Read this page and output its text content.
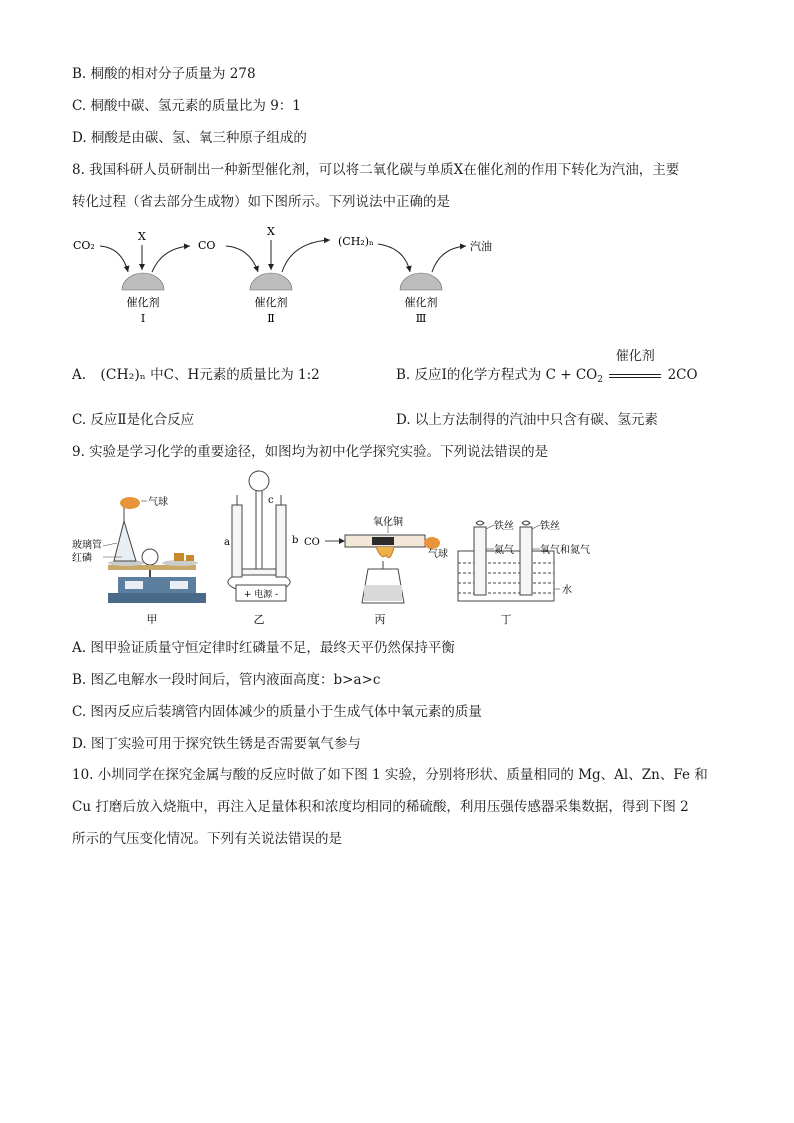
B. 桐酸的相对分子质量为 278
C. 桐酸中碳、氢元素的质量比为 9：1
D. 桐酸是由碳、氢、氧三种原子组成的
8. 我国科研人员研制出一种新型催化剂，可以将二氧化碳与单质X在催化剂的作用下转化为汽油，主要
转化过程（省去部分生成物）如下图所示。下列说法中正确的是
CO₂
X
催化剂
Ⅰ
CO
X
催化剂
Ⅱ
(CH₂)ₙ	汽油
催化剂
Ⅲ
A. (CH₂)ₙ 中C、H元素的质量比为 1:2	B. 反应Ⅰ的化学方程式为 $C + CO_2$
催化剂
2CO
C. 反应Ⅱ是化合反应	D. 以上方法制得的汽油中只含有碳、氢元素
9. 实验是学习化学的重要途径，如图均为初中化学探究实验。下列说法错误的是
气球
玻璃管
红磷
甲
a	b
c
+ 电源 -
乙
CO
氧化铜
气球
丙
铁丝	铁丝
氮气	氧气和氮气
水
丁
A. 图甲验证质量守恒定律时红磷量不足，最终天平仍然保持平衡
B. 图乙电解水一段时间后，管内液面高度：b>a>c
C. 图丙反应后装璃管内固体减少的质量小于生成气体中氧元素的质量
D. 图丁实验可用于探究铁生锈是否需要氧气参与
10. 小圳同学在探究金属与酸的反应时做了如下图 1 实验，分别将形状、质量相同的 Mg、Al、Zn、Fe 和
Cu 打磨后放入烧瓶中，再注入足量体积和浓度均相同的稀硫酸，利用压强传感器采集数据，得到下图 2
所示的气压变化情况。下列有关说法错误的是
